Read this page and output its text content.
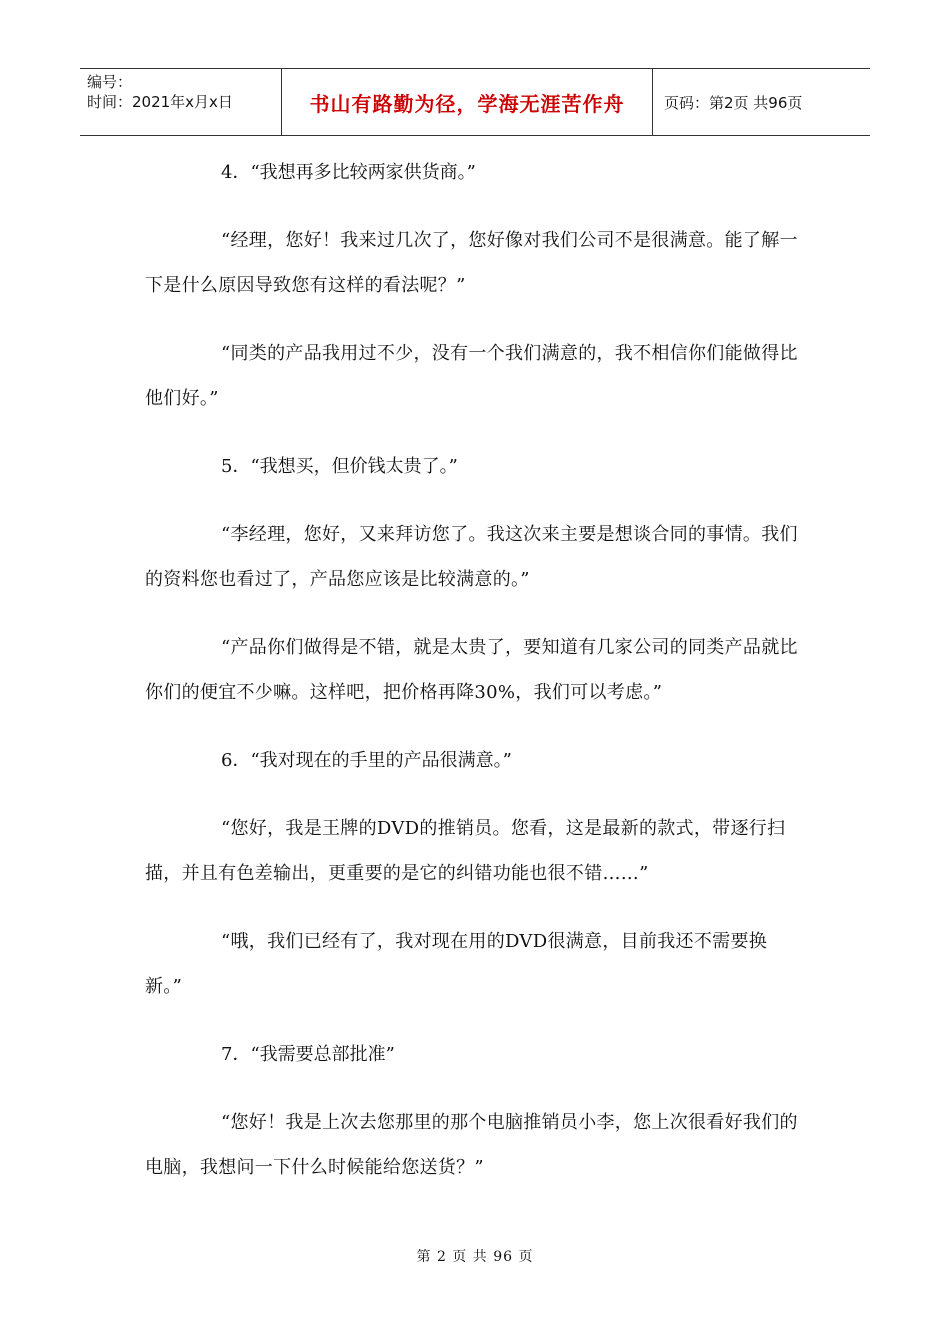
编号：
时间：2021年x月x日	书山有路勤为径，学海无涯苦作舟	页码：第2页 共96页

4．“我想再多比较两家供货商。”

“经理，您好！我来过几次了，您好像对我们公司不是很满意。能了解一下是什么原因导致您有这样的看法呢？”

“同类的产品我用过不少，没有一个我们满意的，我不相信你们能做得比他们好。”

5．“我想买，但价钱太贵了。”

“李经理，您好，又来拜访您了。我这次来主要是想谈合同的事情。我们的资料您也看过了，产品您应该是比较满意的。”

“产品你们做得是不错，就是太贵了，要知道有几家公司的同类产品就比你们的便宜不少嘛。这样吧，把价格再降30%，我们可以考虑。”

6．“我对现在的手里的产品很满意。”

“您好，我是王牌的DVD的推销员。您看，这是最新的款式，带逐行扫描，并且有色差输出，更重要的是它的纠错功能也很不错……”

“哦，我们已经有了，我对现在用的DVD很满意，目前我还不需要换新。”

7．“我需要总部批准”

“您好！我是上次去您那里的那个电脑推销员小李，您上次很看好我们的电脑，我想问一下什么时候能给您送货？”

第 2 页 共 96 页
